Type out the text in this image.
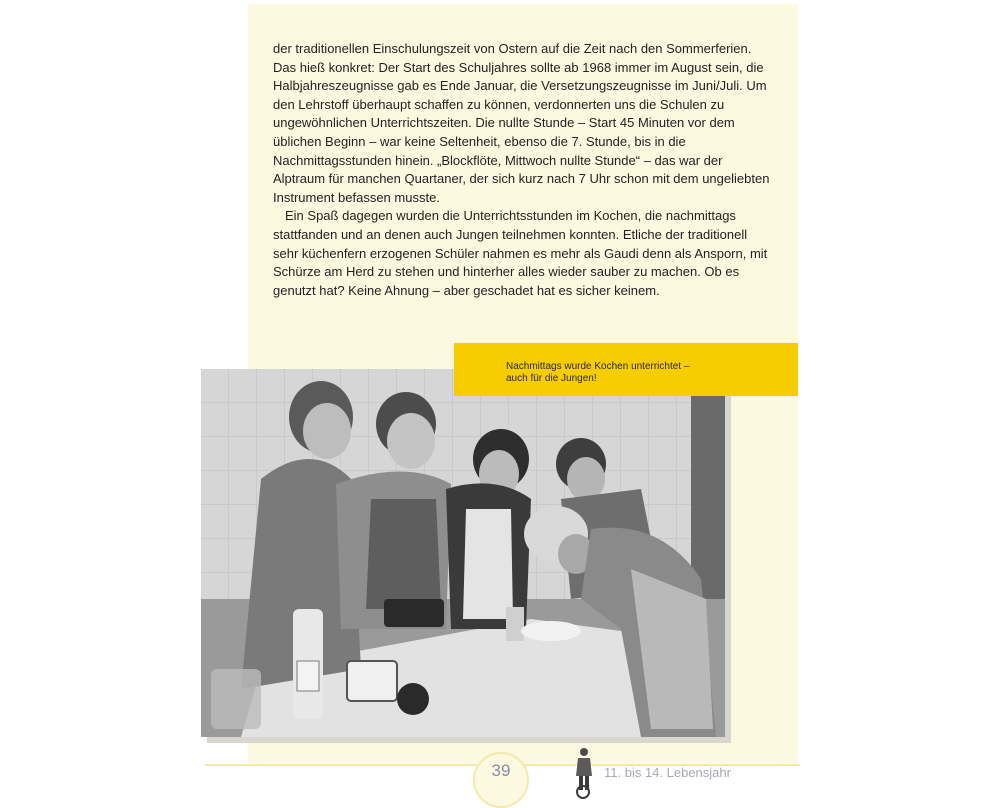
der traditionellen Einschulungszeit von Ostern auf die Zeit nach den Sommerferien. Das hieß konkret: Der Start des Schuljahres sollte ab 1968 immer im August sein, die Halbjahreszeugnisse gab es Ende Januar, die Versetzungszeugnisse im Juni/Juli. Um den Lehrstoff überhaupt schaffen zu können, verdonnerten uns die Schulen zu ungewöhnlichen Unterrichtszeiten. Die nullte Stunde – Start 45 Minuten vor dem üblichen Beginn – war keine Seltenheit, ebenso die 7. Stunde, bis in die Nachmittagsstunden hinein. „Blockflöte, Mittwoch nullte Stunde“ – das war der Alptraum für manchen Quartaner, der sich kurz nach 7 Uhr schon mit dem ungeliebten Instrument befassen musste.

Ein Spaß dagegen wurden die Unterrichtsstunden im Kochen, die nachmittags stattfanden und an denen auch Jungen teilnehmen konnten. Etliche der traditionell sehr küchenfern erzogenen Schüler nahmen es mehr als Gaudi denn als Ansporn, mit Schürze am Herd zu stehen und hinterher alles wieder sauber zu machen. Ob es genutzt hat? Keine Ahnung – aber geschadet hat es sicher keinem.

Nachmittags wurde Kochen unterrichtet –
auch für die Jungen!
39	11. bis 14. Lebensjahr
